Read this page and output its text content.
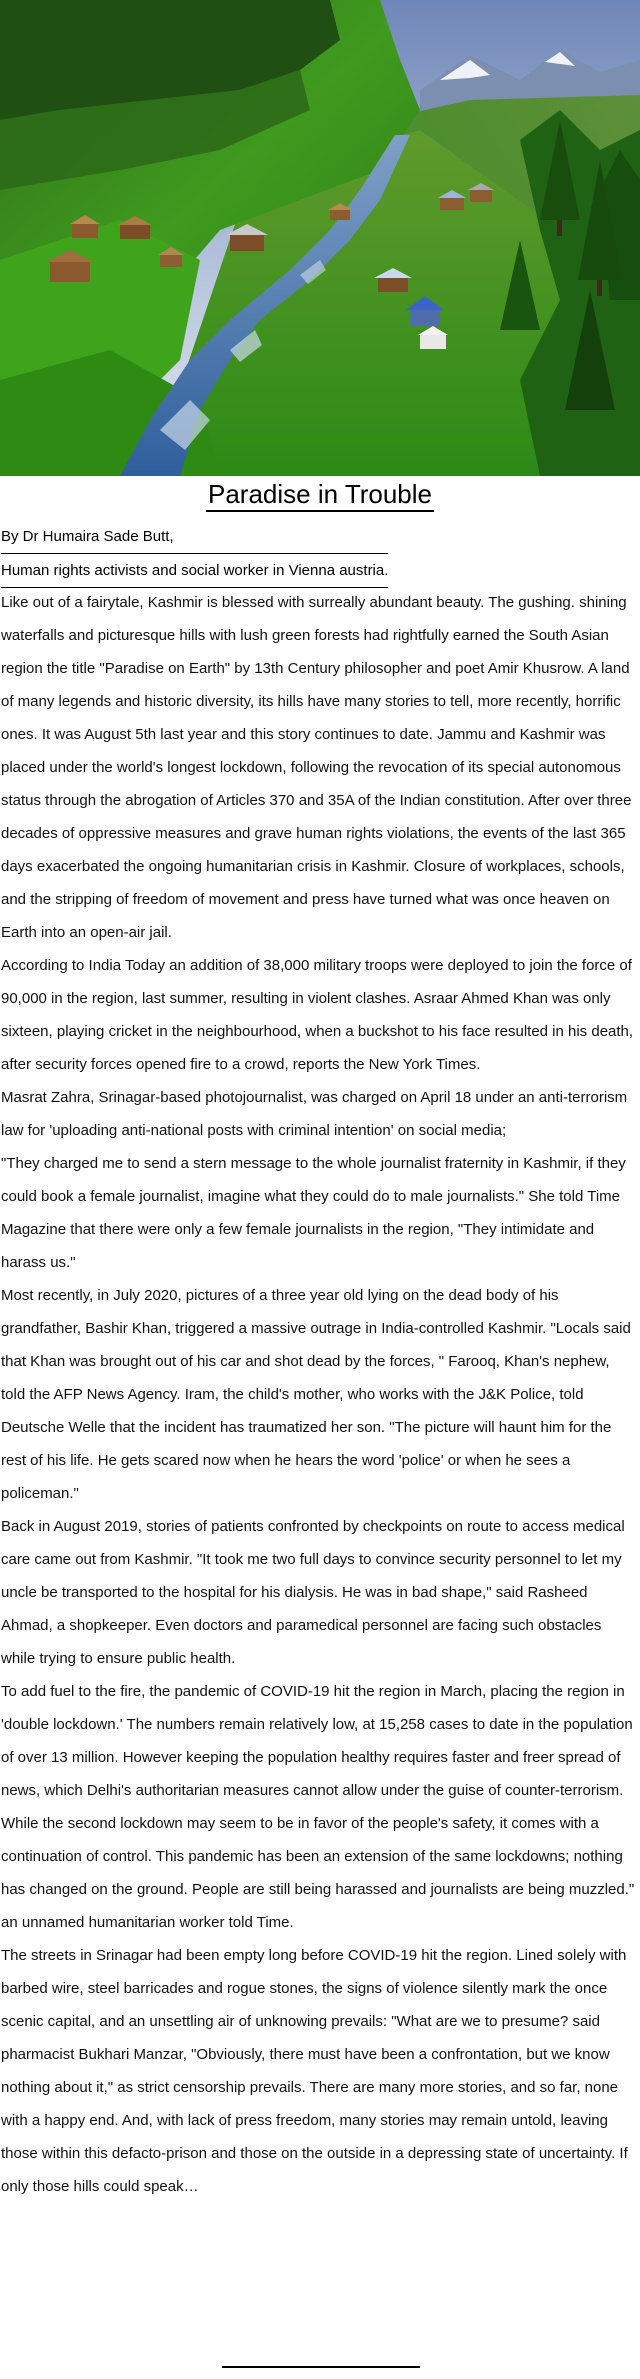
Paradise in Trouble
By Dr Humaira Sade Butt,
Human rights activists and social worker in Vienna austria.

Like out of a fairytale, Kashmir is blessed with surreally abundant beauty. The gushing. shining waterfalls and picturesque hills with lush green forests had rightfully earned the South Asian region the title "Paradise on Earth" by 13th Century philosopher and poet Amir Khusrow. A land of many legends and historic diversity, its hills have many stories to tell, more recently, horrific ones. It was August 5th last year and this story continues to date. Jammu and Kashmir was placed under the world's longest lockdown, following the revocation of its special autonomous status through the abrogation of Articles 370 and 35A of the Indian constitution. After over three decades of oppressive measures and grave human rights violations, the events of the last 365 days exacerbated the ongoing humanitarian crisis in Kashmir. Closure of workplaces, schools, and the stripping of freedom of movement and press have turned what was once heaven on Earth into an open-air jail.

According to India Today an addition of 38,000 military troops were deployed to join the force of 90,000 in the region, last summer, resulting in violent clashes. Asraar Ahmed Khan was only sixteen, playing cricket in the neighbourhood, when a buckshot to his face resulted in his death, after security forces opened fire to a crowd, reports the New York Times.

Masrat Zahra, Srinagar-based photojournalist, was charged on April 18 under an anti-terrorism law for 'uploading anti-national posts with criminal intention' on social media;

"They charged me to send a stern message to the whole journalist fraternity in Kashmir, if they could book a female journalist, imagine what they could do to male journalists." She told Time Magazine that there were only a few female journalists in the region, "They intimidate and harass us."

Most recently, in July 2020, pictures of a three year old lying on the dead body of his grandfather, Bashir Khan, triggered a massive outrage in India-controlled Kashmir. "Locals said that Khan was brought out of his car and shot dead by the forces, " Farooq, Khan's nephew, told the AFP News Agency. Iram, the child's mother, who works with the J&K Police, told Deutsche Welle that the incident has traumatized her son. "The picture will haunt him for the rest of his life. He gets scared now when he hears the word 'police' or when he sees a policeman."

Back in August 2019, stories of patients confronted by checkpoints on route to access medical care came out from Kashmir. "It took me two full days to convince security personnel to let my uncle be transported to the hospital for his dialysis. He was in bad shape," said Rasheed Ahmad, a shopkeeper. Even doctors and paramedical personnel are facing such obstacles while trying to ensure public health.

To add fuel to the fire, the pandemic of COVID-19 hit the region in March, placing the region in 'double lockdown.' The numbers remain relatively low, at 15,258 cases to date in the population of over 13 million. However keeping the population healthy requires faster and freer spread of news, which Delhi's authoritarian measures cannot allow under the guise of counter-terrorism. While the second lockdown may seem to be in favor of the people's safety, it comes with a continuation of control. This pandemic has been an extension of the same lockdowns; nothing has changed on the ground. People are still being harassed and journalists are being muzzled." an unnamed humanitarian worker told Time.

The streets in Srinagar had been empty long before COVID-19 hit the region. Lined solely with barbed wire, steel barricades and rogue stones, the signs of violence silently mark the once scenic capital, and an unsettling air of unknowing prevails: "What are we to presume? said pharmacist Bukhari Manzar, "Obviously, there must have been a confrontation, but we know nothing about it," as strict censorship prevails. There are many more stories, and so far, none with a happy end. And, with lack of press freedom, many stories may remain untold, leaving those within this defacto-prison and those on the outside in a depressing state of uncertainty. If only those hills could speak…
